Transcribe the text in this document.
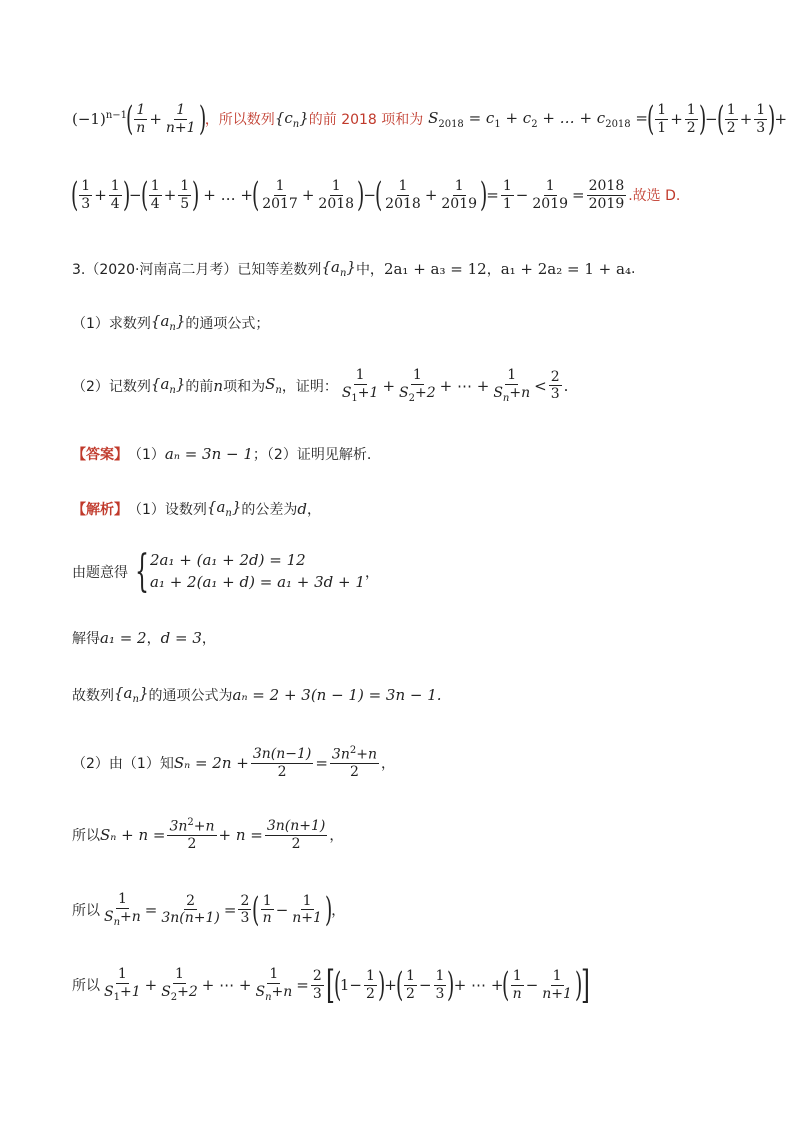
$(-1)^{n-1}$
( $\frac{1}{n} + \frac{1}{n+1}$ )
，所以数列 $\{c_n\}$ 的前 2018 项和为 $S_{2018} = c_1 + c_2$ + … + $c_{2018}$ =
( $\frac{1}{1} + \frac{1}{2}$ )
−
( $\frac{1}{2} + \frac{1}{3}$ )
+
( $\frac{1}{3} + \frac{1}{4}$ )
−
( $\frac{1}{4} + \frac{1}{5}$ )
+ … +
( $\frac{1}{2017} + \frac{1}{2018}$ )
−
( $\frac{1}{2018} + \frac{1}{2019}$ )
= $\frac{1}{1} - \frac{1}{2019} = \frac{2018}{2019}$ .故选 D.
3.（2020·河南高二月考）已知等差数列 $\{a_n\}$ 中， 2a₁ + a₃ = 12 ， a₁ + 2a₂ = 1 + a₄ .
（1）求数列 $\{a_n\}$ 的通项公式；
（2）记数列 $\{a_n\}$ 的前 n 项和为 $S_n$ ，证明： $\frac{1}{S_1+1} + \frac{1}{S_2+2}$ + ⋯ + $\frac{1}{S_n+n} < \frac{2}{3}$ .
【答案】 （1） aₙ = 3n − 1 ；（2）证明见解析.
【解析】 （1）设数列 $\{a_n\}$ 的公差为 d ，
由题意得 { 2a₁ + (a₁ + 2d) = 12
a₁ + 2(a₁ + d) = a₁ + 3d + 1 ，
解得 a₁ = 2 ， d = 3 ，
故数列 $\{a_n\}$ 的通项公式为 aₙ = 2 + 3(n − 1) = 3n − 1.
（2）由（1）知 $S_n = 2n + \frac{3n(n-1)}{2} = \frac{3n^2+n}{2}$ ，
所以 $S_n + n = \frac{3n^2+n}{2} + n = \frac{3n(n+1)}{2}$ ，
所以 $\frac{1}{S_n+n} = \frac{2}{3n(n+1)} = \frac{2}{3}$ ( $\frac{1}{n} - \frac{1}{n+1}$ )
，
所以 $\frac{1}{S_1+1} + \frac{1}{S_2+2}$ + ⋯ + $\frac{1}{S_n+n} = \frac{2}{3}$ [
(
$1- \frac{1}{2}$ )
+
( $\frac{1}{2} - \frac{1}{3}$ )
+ ⋯ +
( $\frac{1}{n} - \frac{1}{n+1}$ )
]
